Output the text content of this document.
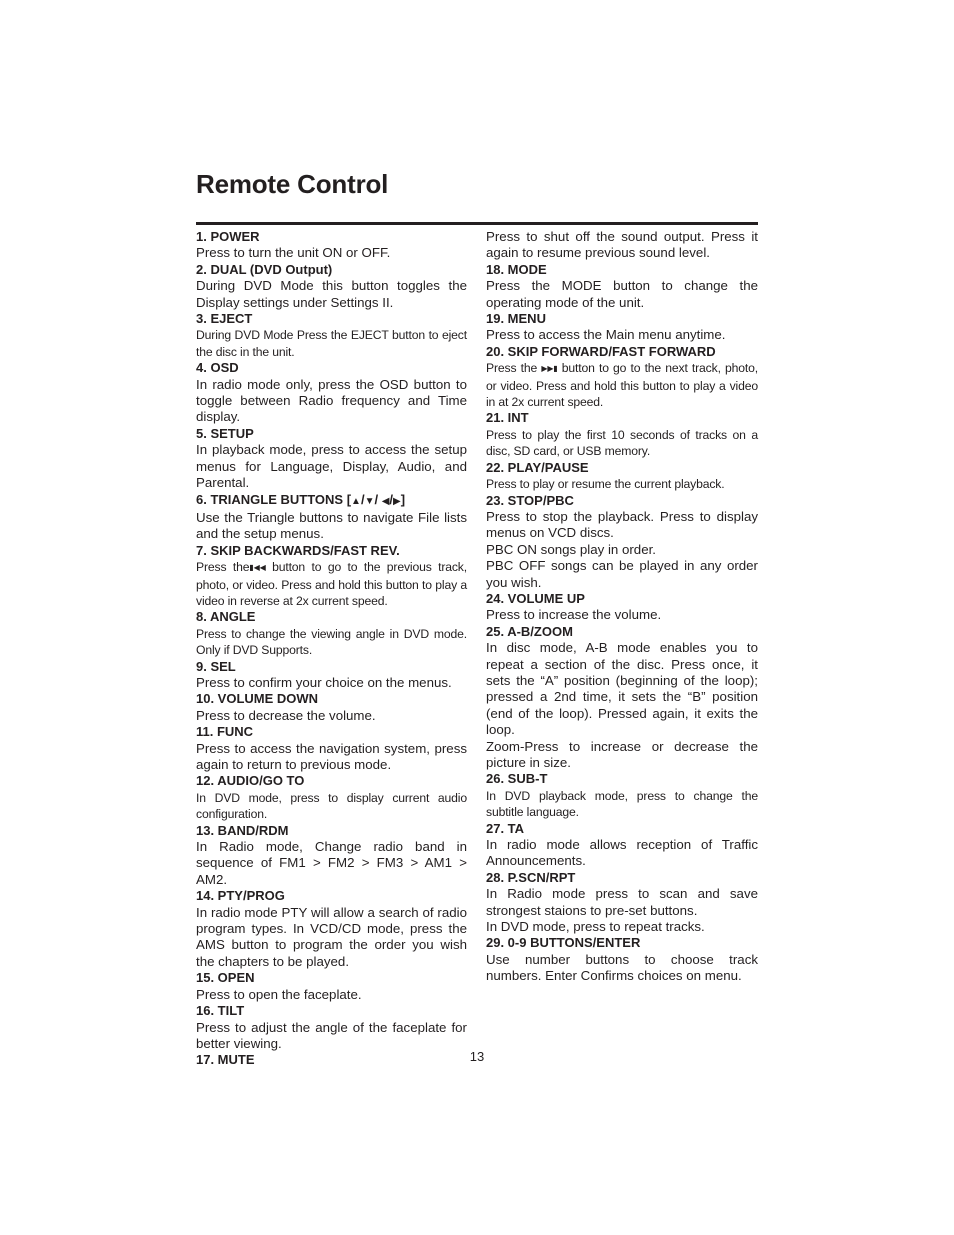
Remote Control

1. POWER

Press to turn the unit ON or OFF.

2. DUAL (DVD Output)

During DVD Mode this button toggles the Display settings under Settings II.

3. EJECT

During DVD Mode Press the EJECT button to eject the disc in the unit.

4. OSD

In radio mode only, press the OSD button to toggle between Radio frequency and Time display.

5. SETUP

In playback mode, press to access the setup menus for Language, Display, Audio, and Parental.

6. TRIANGLE BUTTONS [▲/▼/ ◀/▶]

Use the Triangle buttons to navigate File lists and the setup menus.

7. SKIP BACKWARDS/FAST REV.

Press the▮◀◀ button to go to the previous track, photo, or video. Press and hold this button to play a video in reverse at 2x current speed.

8. ANGLE

Press to change the viewing angle in DVD mode. Only if DVD Supports.

9. SEL

Press to confirm your choice on the menus.

10. VOLUME DOWN

Press to decrease the volume.

11. FUNC

Press to access the navigation system, press again to return to previous mode.

12. AUDIO/GO TO

In DVD mode, press to display current audio configuration.

13. BAND/RDM

In Radio mode, Change radio band in sequence of FM1 > FM2 > FM3 > AM1 > AM2.

14. PTY/PROG

In radio mode PTY will allow a search of radio program types. In VCD/CD mode, press the AMS button to program the order you wish the chapters to be played.

15. OPEN

Press to open the faceplate.

16. TILT

Press to adjust the angle of the faceplate for better viewing.

17. MUTE

Press to shut off the sound output. Press it again to resume previous sound level.

18. MODE

Press the MODE button to change the operating mode of the unit.

19. MENU

Press to access the Main menu anytime.

20. SKIP FORWARD/FAST FORWARD

Press the ▶▶▮ button to go to the next track, photo, or video. Press and hold this button to play a video in at 2x current speed.

21. INT

Press to play the first 10 seconds of tracks on a disc, SD card, or USB memory.

22. PLAY/PAUSE

Press to play or resume the current playback.

23. STOP/PBC

Press to stop the playback. Press to display menus on VCD discs.

PBC ON songs play in order.

PBC OFF songs can be played in any order you wish.

24. VOLUME UP

Press to increase the volume.

25. A-B/ZOOM

In disc mode, A-B mode enables you to repeat a section of the disc. Press once, it sets the “A” position (beginning of the loop); pressed a 2nd time, it sets the “B” position (end of the loop). Pressed again, it exits the loop.

Zoom-Press to increase or decrease the picture in size.

26. SUB-T

In DVD playback mode, press to change the subtitle language.

27. TA

In radio mode allows reception of Traffic Announcements.

28. P.SCN/RPT

In Radio mode press to scan and save strongest staions to pre-set buttons.

In DVD mode, press to repeat tracks.

29. 0-9 BUTTONS/ENTER

Use number buttons to choose track numbers. Enter Confirms choices on menu.

13
